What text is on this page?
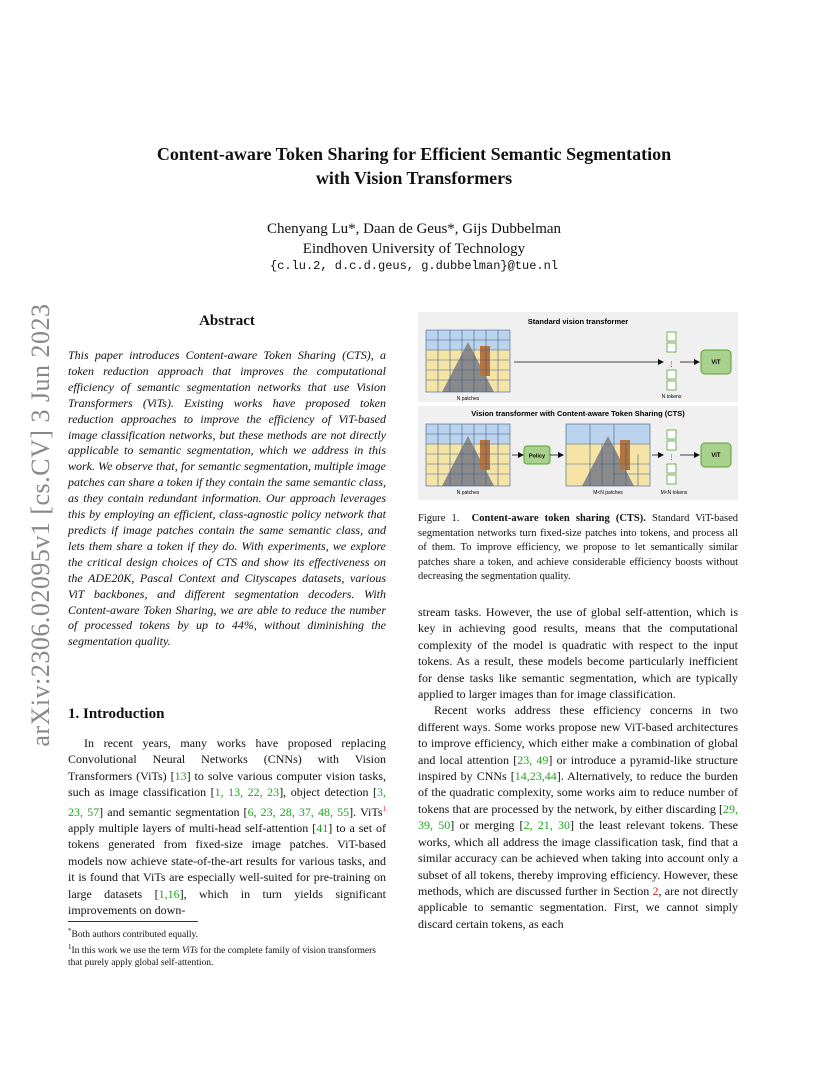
Content-aware Token Sharing for Efficient Semantic Segmentation
with Vision Transformers
Chenyang Lu*, Daan de Geus*, Gijs Dubbelman
Eindhoven University of Technology
{c.lu.2, d.c.d.geus, g.dubbelman}@tue.nl
arXiv:2306.02095v1 [cs.CV] 3 Jun 2023	Abstract
This paper introduces Content-aware Token Sharing (CTS), a token reduction approach that improves the computational efficiency of semantic segmentation networks that use Vision Transformers (ViTs). Existing works have proposed token reduction approaches to improve the efficiency of ViT-based image classification networks, but these methods are not directly applicable to semantic segmentation, which we address in this work. We observe that, for semantic segmentation, multiple image patches can share a token if they contain the same semantic class, as they contain redundant information. Our approach leverages this by employing an efficient, class-agnostic policy network that predicts if image patches contain the same semantic class, and lets them share a token if they do. With experiments, we explore the critical design choices of CTS and show its effectiveness on the ADE20K, Pascal Context and Cityscapes datasets, various ViT backbones, and different segmentation decoders. With Content-aware Token Sharing, we are able to reduce the number of processed tokens by up to 44%, without diminishing the segmentation quality.
1. Introduction
In recent years, many works have proposed replacing Convolutional Neural Networks (CNNs) with Vision Transformers (ViTs) [13] to solve various computer vision tasks, such as image classification [1, 13, 22, 23], object detection [3, 23, 57] and semantic segmentation [6, 23, 28, 37, 48, 55]. ViTs$^1$ apply multiple layers of multi-head self-attention [41] to a set of tokens generated from fixed-size image patches. ViT-based models now achieve state-of-the-art results for various tasks, and it is found that ViTs are especially well-suited for pre-training on large datasets [1,16], which in turn yields significant improvements on down-

*Both authors contributed equally.

$^1$In this work we use the term ViTs for the complete family of vision transformers that purely apply global self-attention.

Standard vision transformer
Vision transformer with Content-aware Token Sharing (CTS)
N patches
⋮
N tokens
ViT
N patches
Policy
M<N patches
⋮
M<N tokens
ViT
Figure 1. Content-aware token sharing (CTS). Standard ViT-based segmentation networks turn fixed-size patches into tokens, and process all of them. To improve efficiency, we propose to let semantically similar patches share a token, and achieve considerable efficiency boosts without decreasing the segmentation quality.

stream tasks. However, the use of global self-attention, which is key in achieving good results, means that the computational complexity of the model is quadratic with respect to the input tokens. As a result, these models become particularly inefficient for dense tasks like semantic segmentation, which are typically applied to larger images than for image classification.

Recent works address these efficiency concerns in two different ways. Some works propose new ViT-based architectures to improve efficiency, which either make a combination of global and local attention [23, 49] or introduce a pyramid-like structure inspired by CNNs [14,23,44]. Alternatively, to reduce the burden of the quadratic complexity, some works aim to reduce number of tokens that are processed by the network, by either discarding [29, 39, 50] or merging [2, 21, 30] the least relevant tokens. These works, which all address the image classification task, find that a similar accuracy can be achieved when taking into account only a subset of all tokens, thereby improving efficiency. However, these methods, which are discussed further in Section 2, are not directly applicable to semantic segmentation. First, we cannot simply discard certain tokens, as each
